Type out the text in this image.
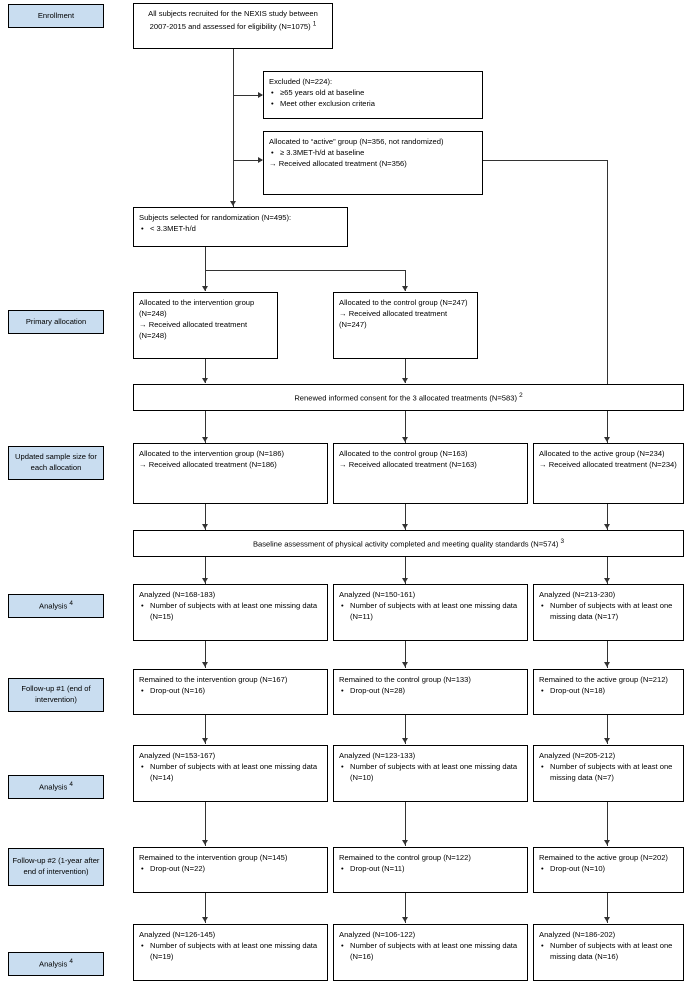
Enrollment
Primary allocation
Updated sample size for each allocation
Analysis $^4$
Follow-up #1 (end of intervention)
Analysis $^4$
Follow-up #2 (1-year after end of intervention)
Analysis $^4$
All subjects recruited for the NEXIS study between 2007-2015 and assessed for eligibility (N=1075) $^1$
Excluded (N=224):
• ≥65 years old at baseline
• Meet other exclusion criteria
Allocated to “active” group (N=356, not randomized)
• ≥ 3.3MET-h/d at baseline
→ Received allocated treatment (N=356)
Subjects selected for randomization (N=495):
• < 3.3MET-h/d
Allocated to the intervention group (N=248)
→ Received allocated treatment (N=248)
Allocated to the control group (N=247)
→ Received allocated treatment (N=247)
Renewed informed consent for the 3 allocated treatments (N=583) $^2$
Allocated to the intervention group (N=186)
→ Received allocated treatment (N=186)
Allocated to the control group (N=163)
→ Received allocated treatment (N=163)
Allocated to the active group (N=234)
→ Received allocated treatment (N=234)
Baseline assessment of physical activity completed and meeting quality standards (N=574) $^3$
Analyzed (N=168-183)
• Number of subjects with at least one missing data (N=15)
Analyzed (N=150-161)
• Number of subjects with at least one missing data (N=11)
Analyzed (N=213-230)
• Number of subjects with at least one missing data (N=17)
Remained to the intervention group (N=167)
• Drop-out (N=16)
Remained to the control group (N=133)
• Drop-out (N=28)
Remained to the active group (N=212)
• Drop-out (N=18)
Analyzed (N=153-167)
• Number of subjects with at least one missing data (N=14)
Analyzed (N=123-133)
• Number of subjects with at least one missing data (N=10)
Analyzed (N=205-212)
• Number of subjects with at least one missing data (N=7)
Remained to the intervention group (N=145)
• Drop-out (N=22)
Remained to the control group (N=122)
• Drop-out (N=11)
Remained to the active group (N=202)
• Drop-out (N=10)
Analyzed (N=126-145)
• Number of subjects with at least one missing data (N=19)
Analyzed (N=106-122)
• Number of subjects with at least one missing data (N=16)
Analyzed (N=186-202)
• Number of subjects with at least one missing data (N=16)
